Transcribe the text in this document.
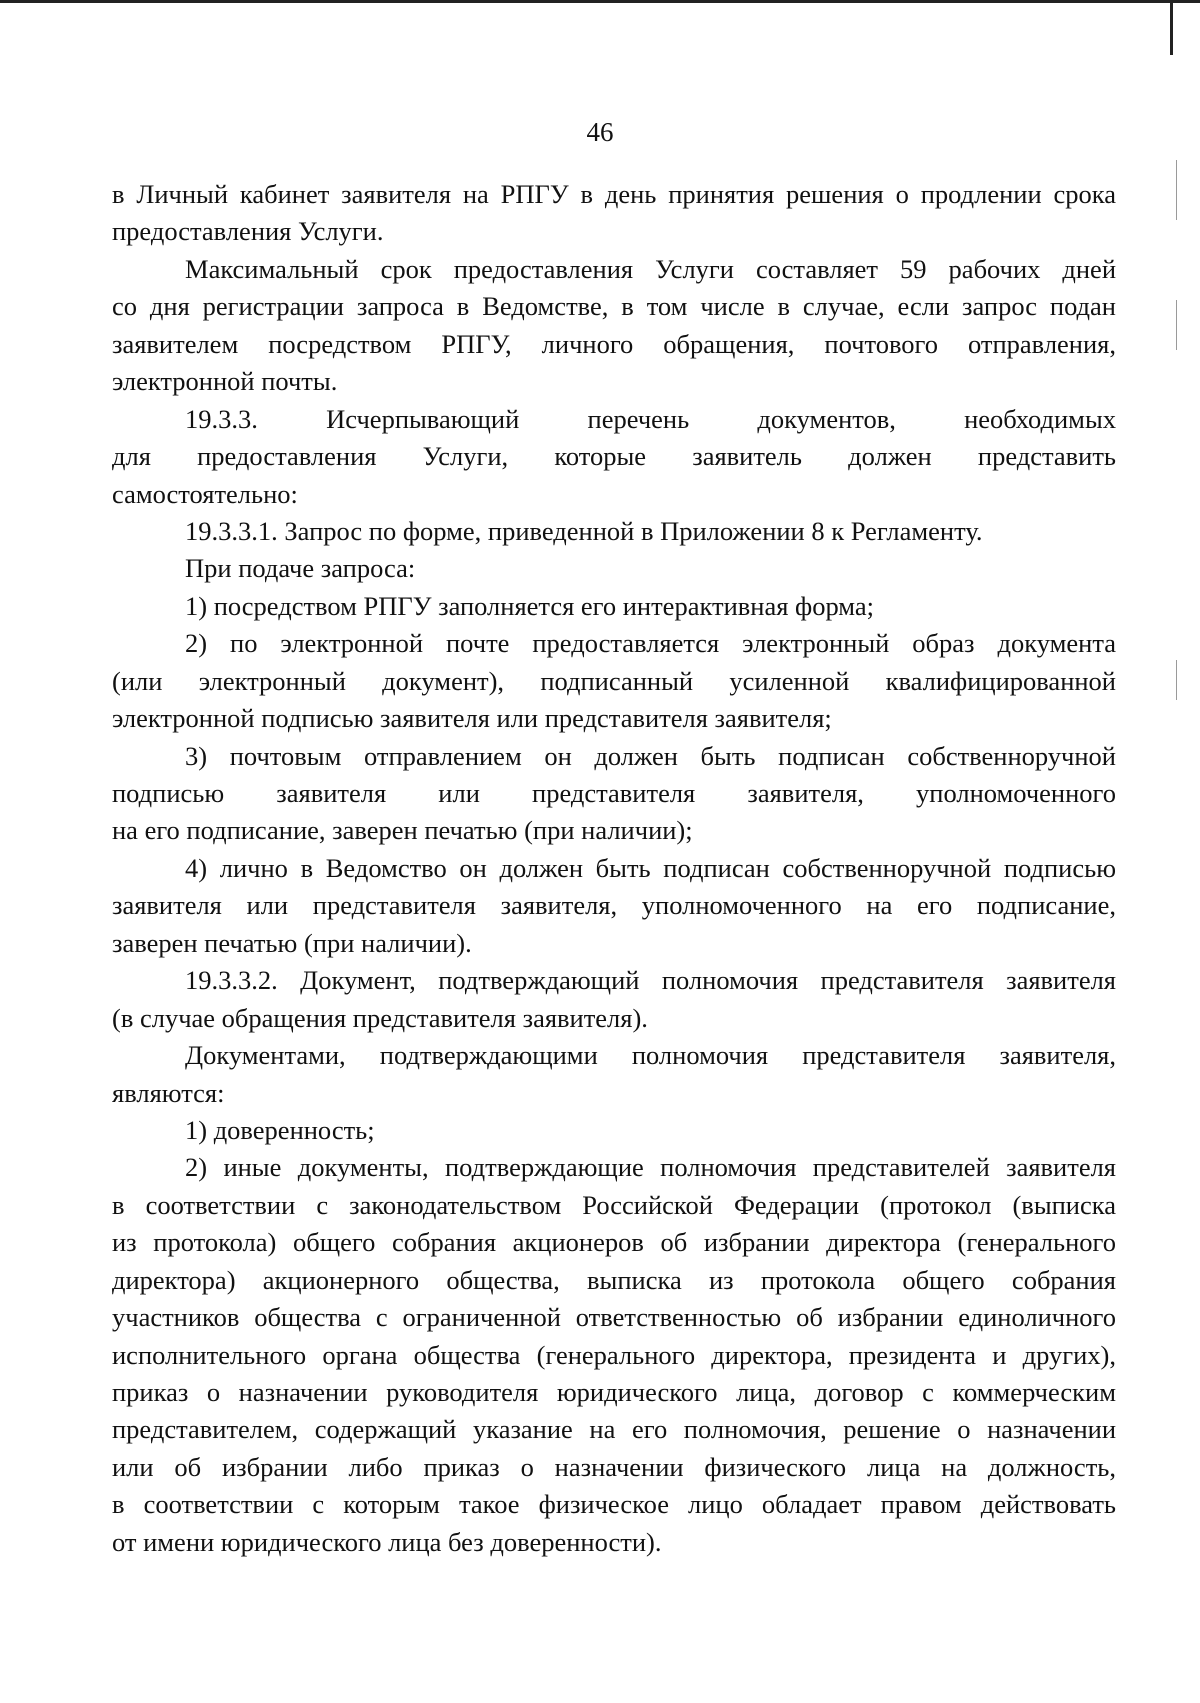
46
в Личный кабинет заявителя на РПГУ в день принятия решения о продлении срока
предоставления Услуги.
Максимальный срок предоставления Услуги составляет 59 рабочих дней
со дня регистрации запроса в Ведомстве, в том числе в случае, если запрос подан
заявителем посредством РПГУ, личного обращения, почтового отправления,
электронной почты.
19.3.3. Исчерпывающий перечень документов, необходимых
для предоставления Услуги, которые заявитель должен представить
самостоятельно:
19.3.3.1. Запрос по форме, приведенной в Приложении 8 к Регламенту.
При подаче запроса:
1) посредством РПГУ заполняется его интерактивная форма;
2) по электронной почте предоставляется электронный образ документа
(или электронный документ), подписанный усиленной квалифицированной
электронной подписью заявителя или представителя заявителя;
3) почтовым отправлением он должен быть подписан собственноручной
подписью заявителя или представителя заявителя, уполномоченного
на его подписание, заверен печатью (при наличии);
4) лично в Ведомство он должен быть подписан собственноручной подписью
заявителя или представителя заявителя, уполномоченного на его подписание,
заверен печатью (при наличии).
19.3.3.2. Документ, подтверждающий полномочия представителя заявителя
(в случае обращения представителя заявителя).
Документами, подтверждающими полномочия представителя заявителя,
являются:
1) доверенность;
2) иные документы, подтверждающие полномочия представителей заявителя
в соответствии с законодательством Российской Федерации (протокол (выписка
из протокола) общего собрания акционеров об избрании директора (генерального
директора) акционерного общества, выписка из протокола общего собрания
участников общества с ограниченной ответственностью об избрании единоличного
исполнительного органа общества (генерального директора, президента и других),
приказ о назначении руководителя юридического лица, договор с коммерческим
представителем, содержащий указание на его полномочия, решение о назначении
или об избрании либо приказ о назначении физического лица на должность,
в соответствии с которым такое физическое лицо обладает правом действовать
от имени юридического лица без доверенности).
